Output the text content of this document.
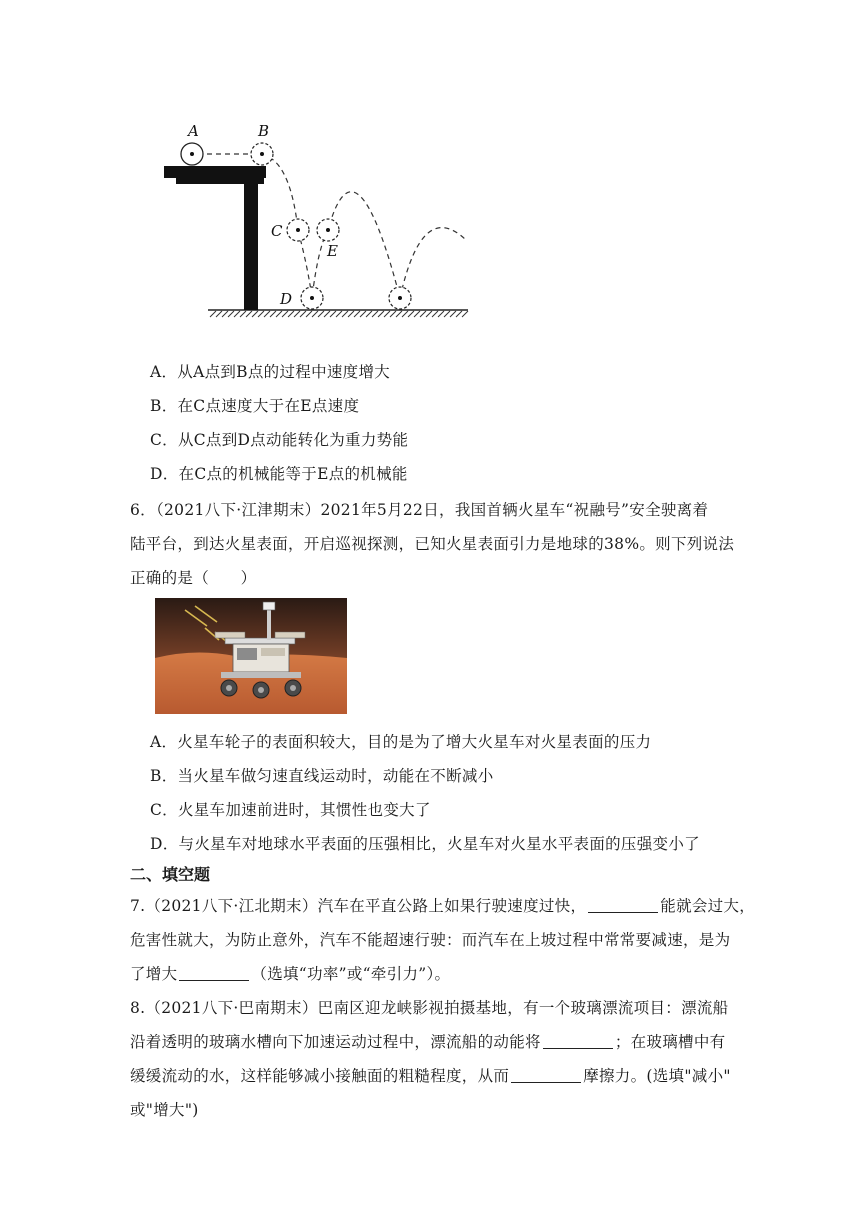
A	B
C
E
D
A．从A点到B点的过程中速度增大
B．在C点速度大于在E点速度
C．从C点到D点动能转化为重力势能
D．在C点的机械能等于E点的机械能
6．（2021八下·江津期末）2021年5月22日，我国首辆火星车“祝融号”安全驶离着
陆平台，到达火星表面，开启巡视探测，已知火星表面引力是地球的38%。则下列说法
正确的是（　　）
A．火星车轮子的表面积较大，目的是为了增大火星车对火星表面的压力
B．当火星车做匀速直线运动时，动能在不断减小
C．火星车加速前进时，其惯性也变大了
D．与火星车对地球水平表面的压强相比，火星车对火星水平表面的压强变小了
二、填空题
7.（2021八下·江北期末）汽车在平直公路上如果行驶速度过快，	能就会过大，
危害性就大，为防止意外，汽车不能超速行驶：而汽车在上坡过程中常常要减速，是为
了增大	（选填“功率”或“牵引力”）。
8.（2021八下·巴南期末）巴南区迎龙峡影视拍摄基地，有一个玻璃漂流项目：漂流船
沿着透明的玻璃水槽向下加速运动过程中，漂流船的动能将	；在玻璃槽中有
缓缓流动的水，这样能够减小接触面的粗糙程度，从而	摩擦力。(选填"减小"
或"增大")
